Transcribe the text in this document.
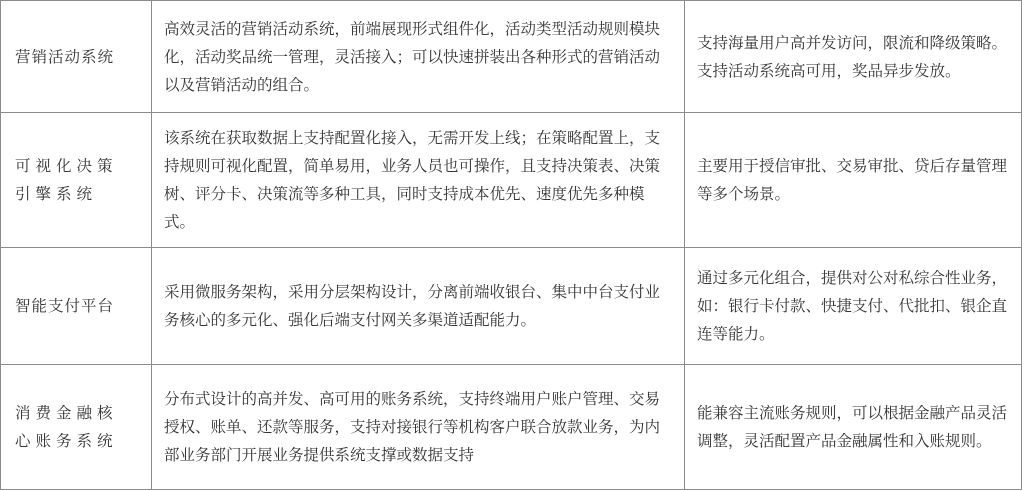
营销活动系统	高效灵活的营销活动系统，前端展现形式组件化，活动类型活动规则模块化，活动奖品统一管理，灵活接入；可以快速拼装出各种形式的营销活动以及营销活动的组合。	支持海量用户高并发访问，限流和降级策略。支持活动系统高可用，奖品异步发放。
可视化决策引擎系统	该系统在获取数据上支持配置化接入，无需开发上线；在策略配置上，支持规则可视化配置，简单易用，业务人员也可操作，且支持决策表、决策树、评分卡、决策流等多种工具，同时支持成本优先、速度优先多种模式。	主要用于授信审批、交易审批、贷后存量管理等多个场景。
智能支付平台	采用微服务架构，采用分层架构设计，分离前端收银台、集中中台支付业务核心的多元化、强化后端支付网关多渠道适配能力。	通过多元化组合，提供对公对私综合性业务，如：银行卡付款、快捷支付、代批扣、银企直连等能力。
消费金融核心账务系统	分布式设计的高并发、高可用的账务系统，支持终端用户账户管理、交易授权、账单、还款等服务，支持对接银行等机构客户联合放款业务，为内部业务部门开展业务提供系统支撑或数据支持	能兼容主流账务规则，可以根据金融产品灵活调整，灵活配置产品金融属性和入账规则。
